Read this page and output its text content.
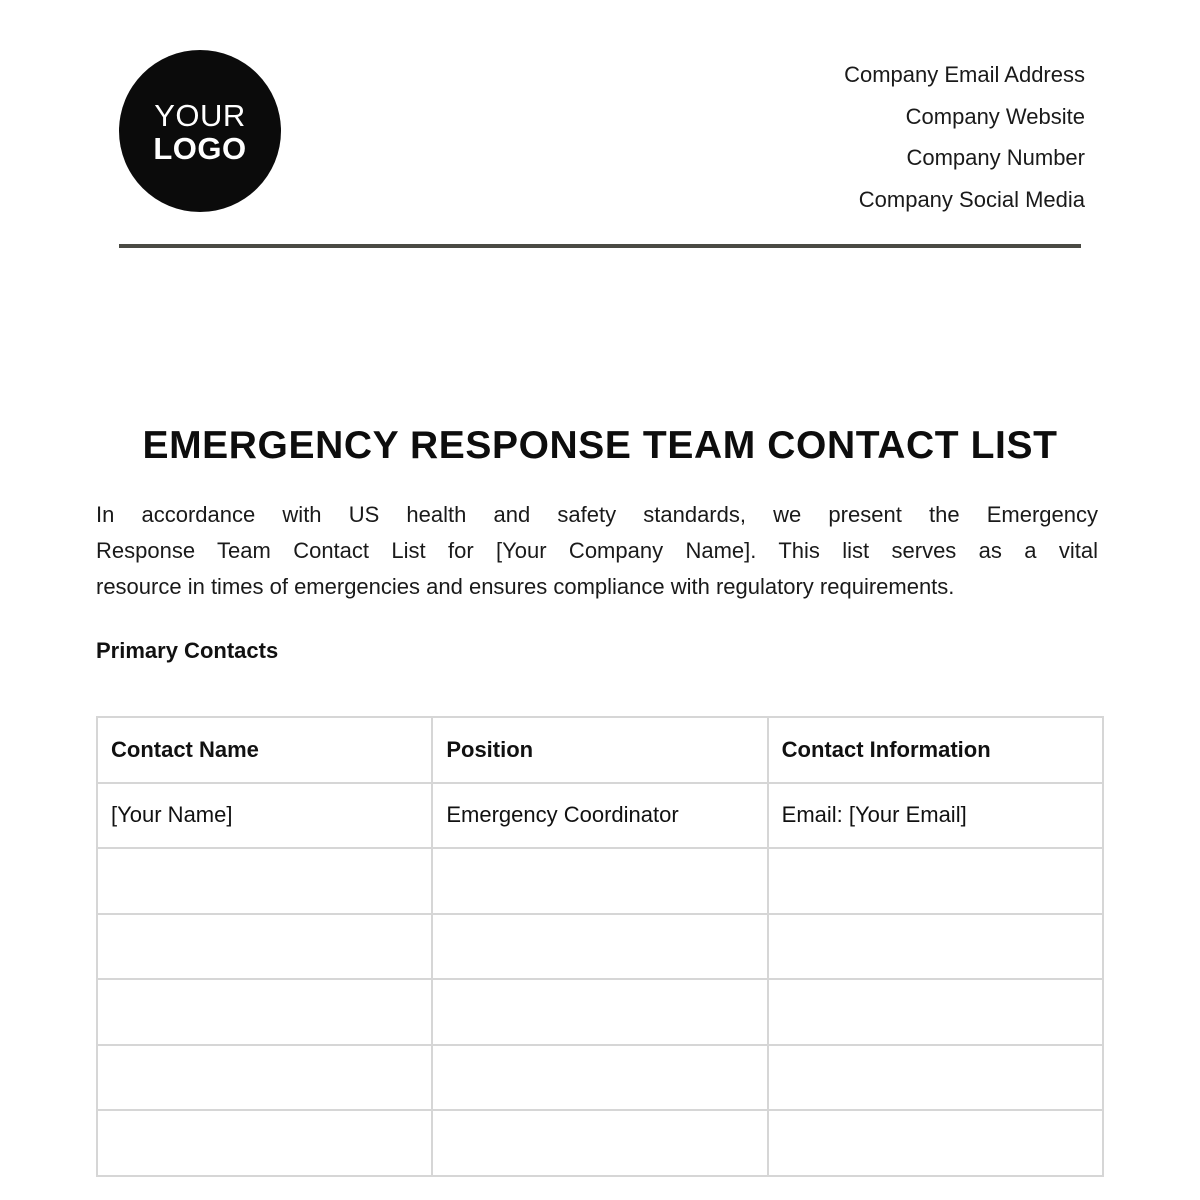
YOUR
LOGO
Company Email Address
Company Website
Company Number
Company Social Media
EMERGENCY RESPONSE TEAM CONTACT LIST

In accordance with US health and safety standards, we present the Emergency

Response Team Contact List for [Your Company Name]. This list serves as a vital

resource in times of emergencies and ensures compliance with regulatory requirements.

Primary Contacts
Contact Name	Position	Contact Information
[Your Name]	Emergency Coordinator	Email: [Your Email]
